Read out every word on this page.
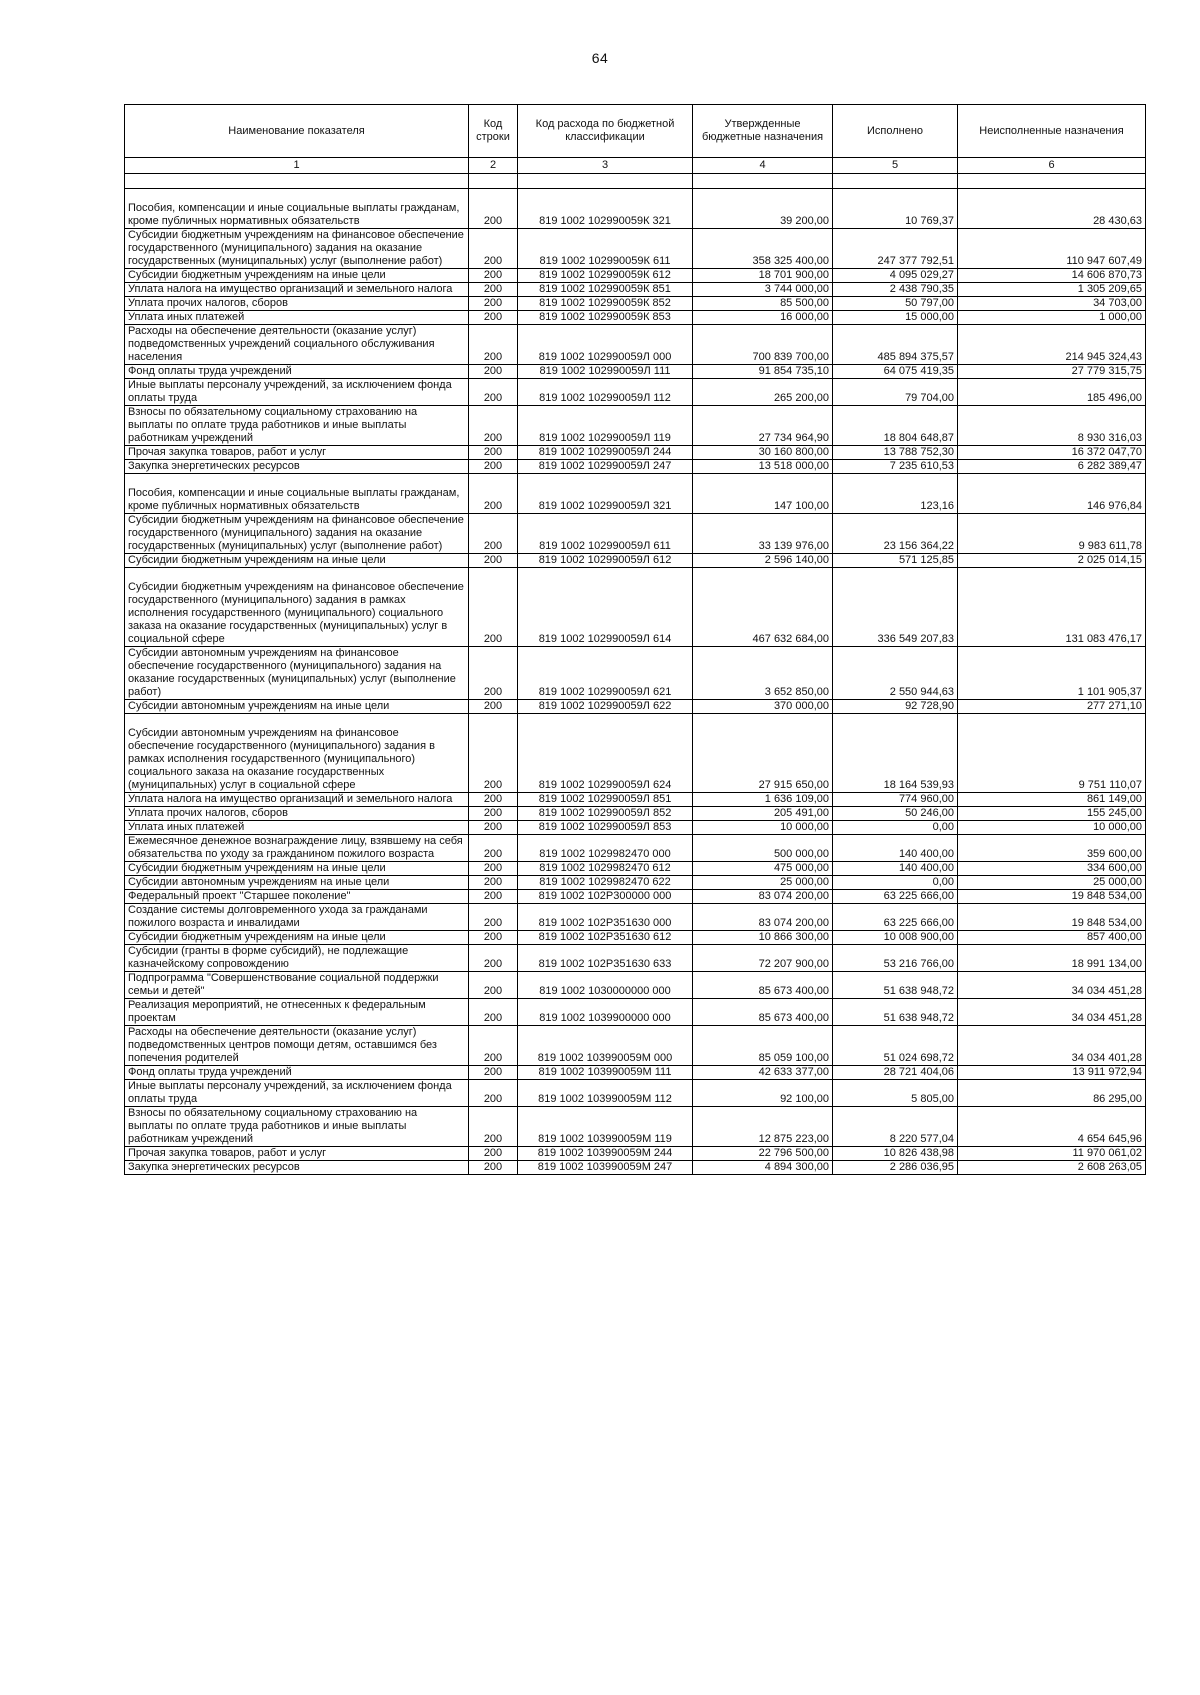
64
Наименование показателя	Код строки	Код расхода по бюджетной классификации	Утвержденные бюджетные назначения	Исполнено	Неисполненные назначения
1	2	3	4	5	6

Пособия, компенсации и иные социальные выплаты гражданам, кроме публичных нормативных обязательств	200	819 1002 102990059К 321	39 200,00	10 769,37	28 430,63
Субсидии бюджетным учреждениям на финансовое обеспечение государственного (муниципального) задания на оказание государственных (муниципальных) услуг (выполнение работ)	200	819 1002 102990059К 611	358 325 400,00	247 377 792,51	110 947 607,49
Субсидии бюджетным учреждениям на иные цели	200	819 1002 102990059К 612	18 701 900,00	4 095 029,27	14 606 870,73
Уплата налога на имущество организаций и земельного налога	200	819 1002 102990059К 851	3 744 000,00	2 438 790,35	1 305 209,65
Уплата прочих налогов, сборов	200	819 1002 102990059К 852	85 500,00	50 797,00	34 703,00
Уплата иных платежей	200	819 1002 102990059К 853	16 000,00	15 000,00	1 000,00
Расходы на обеспечение деятельности (оказание услуг) подведомственных учреждений социального обслуживания населения	200	819 1002 102990059Л 000	700 839 700,00	485 894 375,57	214 945 324,43
Фонд оплаты труда учреждений	200	819 1002 102990059Л 111	91 854 735,10	64 075 419,35	27 779 315,75
Иные выплаты персоналу учреждений, за исключением фонда оплаты труда	200	819 1002 102990059Л 112	265 200,00	79 704,00	185 496,00
Взносы по обязательному социальному страхованию на выплаты по оплате труда работников и иные выплаты работникам учреждений	200	819 1002 102990059Л 119	27 734 964,90	18 804 648,87	8 930 316,03
Прочая закупка товаров, работ и услуг	200	819 1002 102990059Л 244	30 160 800,00	13 788 752,30	16 372 047,70
Закупка энергетических ресурсов	200	819 1002 102990059Л 247	13 518 000,00	7 235 610,53	6 282 389,47

Пособия, компенсации и иные социальные выплаты гражданам, кроме публичных нормативных обязательств	200	819 1002 102990059Л 321	147 100,00	123,16	146 976,84
Субсидии бюджетным учреждениям на финансовое обеспечение государственного (муниципального) задания на оказание государственных (муниципальных) услуг (выполнение работ)	200	819 1002 102990059Л 611	33 139 976,00	23 156 364,22	9 983 611,78
Субсидии бюджетным учреждениям на иные цели	200	819 1002 102990059Л 612	2 596 140,00	571 125,85	2 025 014,15

Субсидии бюджетным учреждениям на финансовое обеспечение государственного (муниципального) задания в рамках исполнения государственного (муниципального) социального заказа на оказание государственных (муниципальных) услуг в социальной сфере	200	819 1002 102990059Л 614	467 632 684,00	336 549 207,83	131 083 476,17
Субсидии автономным учреждениям на финансовое обеспечение государственного (муниципального) задания на оказание государственных (муниципальных) услуг (выполнение работ)	200	819 1002 102990059Л 621	3 652 850,00	2 550 944,63	1 101 905,37
Субсидии автономным учреждениям на иные цели	200	819 1002 102990059Л 622	370 000,00	92 728,90	277 271,10

Субсидии автономным учреждениям на финансовое обеспечение государственного (муниципального) задания в рамках исполнения государственного (муниципального) социального заказа на оказание государственных (муниципальных) услуг в социальной сфере	200	819 1002 102990059Л 624	27 915 650,00	18 164 539,93	9 751 110,07
Уплата налога на имущество организаций и земельного налога	200	819 1002 102990059Л 851	1 636 109,00	774 960,00	861 149,00
Уплата прочих налогов, сборов	200	819 1002 102990059Л 852	205 491,00	50 246,00	155 245,00
Уплата иных платежей	200	819 1002 102990059Л 853	10 000,00	0,00	10 000,00
Ежемесячное денежное вознаграждение лицу, взявшему на себя обязательства по уходу за гражданином пожилого возраста	200	819 1002 1029982470 000	500 000,00	140 400,00	359 600,00
Субсидии бюджетным учреждениям на иные цели	200	819 1002 1029982470 612	475 000,00	140 400,00	334 600,00
Субсидии автономным учреждениям на иные цели	200	819 1002 1029982470 622	25 000,00	0,00	25 000,00
Федеральный проект "Старшее поколение"	200	819 1002 102P300000 000	83 074 200,00	63 225 666,00	19 848 534,00
Создание системы долговременного ухода за гражданами пожилого возраста и инвалидами	200	819 1002 102P351630 000	83 074 200,00	63 225 666,00	19 848 534,00
Субсидии бюджетным учреждениям на иные цели	200	819 1002 102P351630 612	10 866 300,00	10 008 900,00	857 400,00
Субсидии (гранты в форме субсидий), не подлежащие казначейскому сопровождению	200	819 1002 102P351630 633	72 207 900,00	53 216 766,00	18 991 134,00
Подпрограмма "Совершенствование социальной поддержки семьи и детей"	200	819 1002 1030000000 000	85 673 400,00	51 638 948,72	34 034 451,28
Реализация мероприятий, не отнесенных к федеральным проектам	200	819 1002 1039900000 000	85 673 400,00	51 638 948,72	34 034 451,28
Расходы на обеспечение деятельности (оказание услуг) подведомственных центров помощи детям, оставшимся без попечения родителей	200	819 1002 103990059М 000	85 059 100,00	51 024 698,72	34 034 401,28
Фонд оплаты труда учреждений	200	819 1002 103990059М 111	42 633 377,00	28 721 404,06	13 911 972,94
Иные выплаты персоналу учреждений, за исключением фонда оплаты труда	200	819 1002 103990059М 112	92 100,00	5 805,00	86 295,00
Взносы по обязательному социальному страхованию на выплаты по оплате труда работников и иные выплаты работникам учреждений	200	819 1002 103990059М 119	12 875 223,00	8 220 577,04	4 654 645,96
Прочая закупка товаров, работ и услуг	200	819 1002 103990059М 244	22 796 500,00	10 826 438,98	11 970 061,02
Закупка энергетических ресурсов	200	819 1002 103990059М 247	4 894 300,00	2 286 036,95	2 608 263,05
